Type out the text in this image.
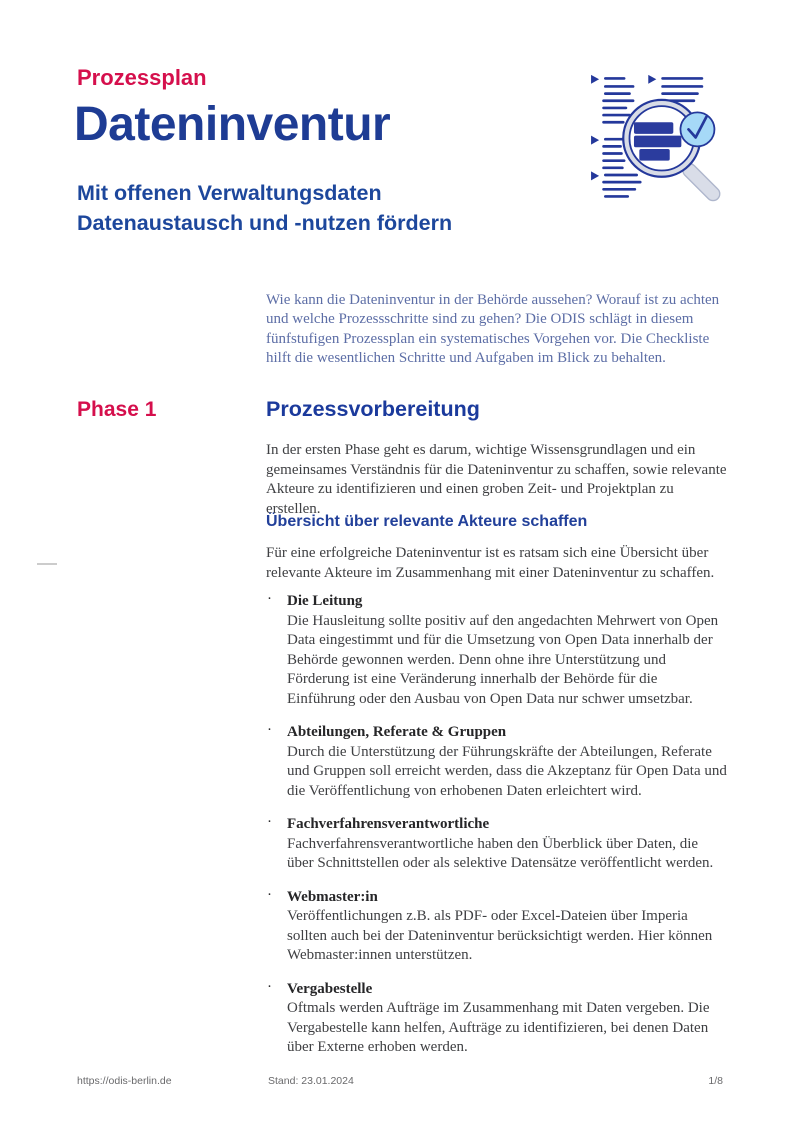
Prozessplan
Dateninventur
Mit offenen Verwaltungsdaten Datenaustausch und -nutzen fördern
Wie kann die Dateninventur in der Behörde aussehen? Worauf ist zu achten und welche Prozessschritte sind zu gehen? Die ODIS schlägt in diesem fünfstufigen Prozessplan ein systematisches Vorgehen vor. Die Checkliste hilft die wesentlichen Schritte und Aufgaben im Blick zu behalten.
Phase 1	Prozessvorbereitung
In der ersten Phase geht es darum, wichtige Wissensgrundlagen und ein gemeinsames Verständnis für die Dateninventur zu schaffen, sowie relevante Akteure zu identifizieren und einen groben Zeit- und Projektplan zu erstellen.
Übersicht über relevante Akteure schaffen
Für eine erfolgreiche Dateninventur ist es ratsam sich eine Übersicht über relevante Akteure im Zusammenhang mit einer Dateninventur zu schaffen.
· Die Leitung
Die Hausleitung sollte positiv auf den angedachten Mehrwert von Open Data eingestimmt und für die Umsetzung von Open Data innerhalb der Behörde gewonnen werden. Denn ohne ihre Unterstützung und Förderung ist eine Veränderung innerhalb der Behörde für die Einführung oder den Ausbau von Open Data nur schwer umsetzbar.
· Abteilungen, Referate & Gruppen
Durch die Unterstützung der Führungskräfte der Abteilungen, Referate und Gruppen soll erreicht werden, dass die Akzeptanz für Open Data und die Veröffentlichung von erhobenen Daten erleichtert wird.
· Fachverfahrensverantwortliche
Fachverfahrensverantwortliche haben den Überblick über Daten, die über Schnittstellen oder als selektive Datensätze veröffentlicht werden.
· Webmaster:in
Veröffentlichungen z.B. als PDF- oder Excel-Dateien über Imperia sollten auch bei der Dateninventur berücksichtigt werden. Hier können Webmaster:innen unterstützen.
· Vergabestelle
Oftmals werden Aufträge im Zusammenhang mit Daten vergeben. Die Vergabestelle kann helfen, Aufträge zu identifizieren, bei denen Daten über Externe erhoben werden.
https://odis-berlin.de	Stand: 23.01.2024	1/8
